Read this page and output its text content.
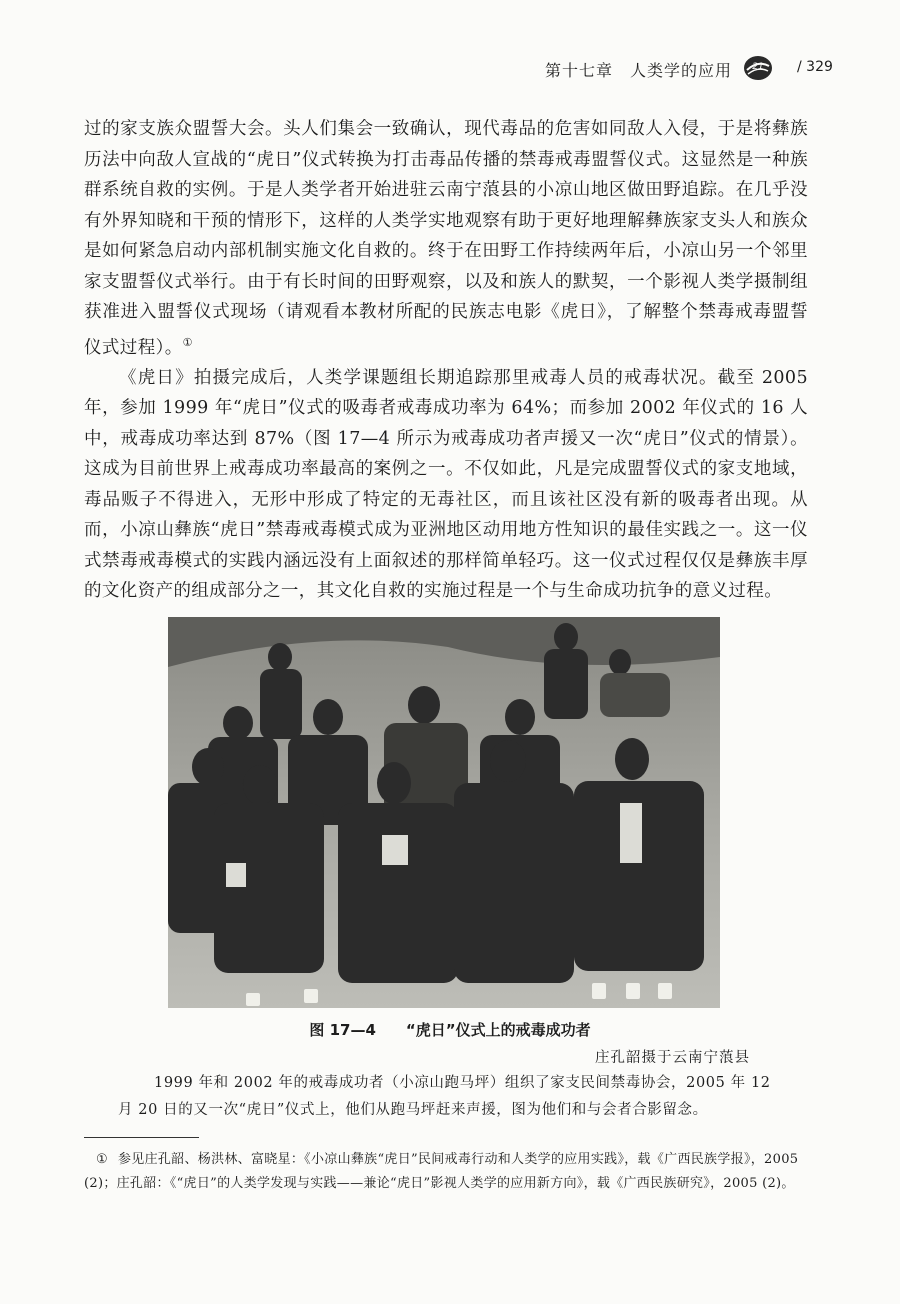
第十七章　人类学的应用 21 / 329

过的家支族众盟誓大会。头人们集会一致确认，现代毒品的危害如同敌人入侵，于是将彝族历法中向敌人宣战的“虎日”仪式转换为打击毒品传播的禁毒戒毒盟誓仪式。这显然是一种族群系统自救的实例。于是人类学者开始进驻云南宁蒗县的小凉山地区做田野追踪。在几乎没有外界知晓和干预的情形下，这样的人类学实地观察有助于更好地理解彝族家支头人和族众是如何紧急启动内部机制实施文化自救的。终于在田野工作持续两年后，小凉山另一个邻里家支盟誓仪式举行。由于有长时间的田野观察，以及和族人的默契，一个影视人类学摄制组获准进入盟誓仪式现场（请观看本教材所配的民族志电影《虎日》，了解整个禁毒戒毒盟誓仪式过程）。①

《虎日》拍摄完成后，人类学课题组长期追踪那里戒毒人员的戒毒状况。截至 2005 年，参加 1999 年“虎日”仪式的吸毒者戒毒成功率为 64%；而参加 2002 年仪式的 16 人中，戒毒成功率达到 87%（图 17—4 所示为戒毒成功者声援又一次“虎日”仪式的情景）。这成为目前世界上戒毒成功率最高的案例之一。不仅如此，凡是完成盟誓仪式的家支地域，毒品贩子不得进入，无形中形成了特定的无毒社区，而且该社区没有新的吸毒者出现。从而，小凉山彝族“虎日”禁毒戒毒模式成为亚洲地区动用地方性知识的最佳实践之一。这一仪式禁毒戒毒模式的实践内涵远没有上面叙述的那样简单轻巧。这一仪式过程仅仅是彝族丰厚的文化资产的组成部分之一，其文化自救的实施过程是一个与生命成功抗争的意义过程。

图 17—4 “虎日”仪式上的戒毒成功者
庄孔韶摄于云南宁蒗县
1999 年和 2002 年的戒毒成功者（小凉山跑马坪）组织了家支民间禁毒协会，2005 年 12
月 20 日的又一次“虎日”仪式上，他们从跑马坪赶来声援，图为他们和与会者合影留念。
① 参见庄孔韶、杨洪林、富晓星：《小凉山彝族“虎日”民间戒毒行动和人类学的应用实践》，载《广西民族学报》，2005 (2)；庄孔韶：《“虎日”的人类学发现与实践——兼论“虎日”影视人类学的应用新方向》，载《广西民族研究》，2005 (2)。
